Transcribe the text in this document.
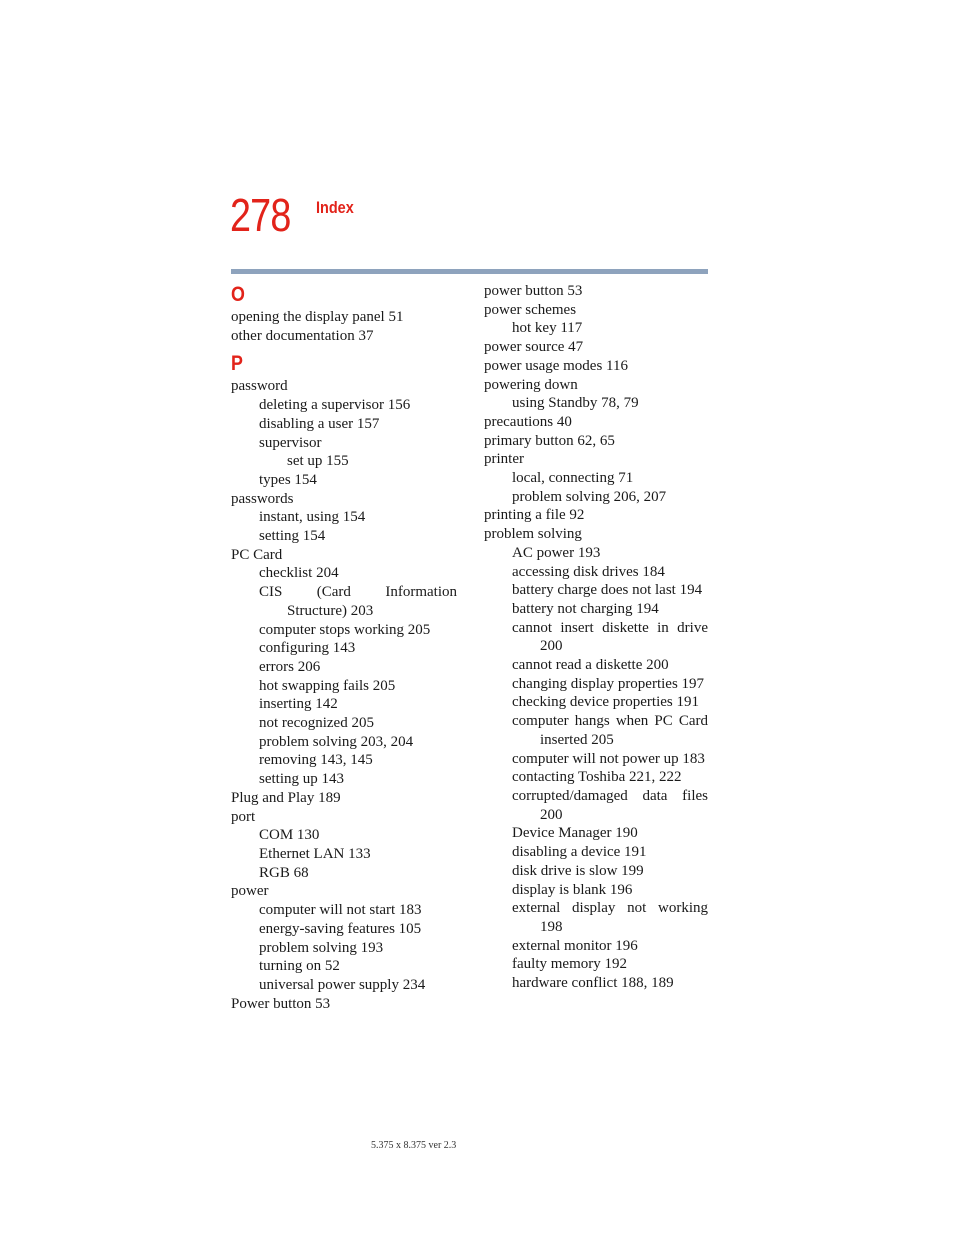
278 Index
O
opening the display panel 51
other documentation 37
P
password
deleting a supervisor 156
disabling a user 157
supervisor
set up 155
types 154
passwords
instant, using 154
setting 154
PC Card
checklist 204
CIS (Card Information Structure) 203
computer stops working 205
configuring 143
errors 206
hot swapping fails 205
inserting 142
not recognized 205
problem solving 203, 204
removing 143, 145
setting up 143
Plug and Play 189
port
COM 130
Ethernet LAN 133
RGB 68
power
computer will not start 183
energy-saving features 105
problem solving 193
turning on 52
universal power supply 234
Power button 53
power button 53
power schemes
hot key 117
power source 47
power usage modes 116
powering down
using Standby 78, 79
precautions 40
primary button 62, 65
printer
local, connecting 71
problem solving 206, 207
printing a file 92
problem solving
AC power 193
accessing disk drives 184
battery charge does not last 194
battery not charging 194
cannot insert diskette in drive 200
cannot read a diskette 200
changing display properties 197
checking device properties 191
computer hangs when PC Card inserted 205
computer will not power up 183
contacting Toshiba 221, 222
corrupted/damaged data files 200
Device Manager 190
disabling a device 191
disk drive is slow 199
display is blank 196
external display not working 198
external monitor 196
faulty memory 192
hardware conflict 188, 189
5.375 x 8.375 ver 2.3
